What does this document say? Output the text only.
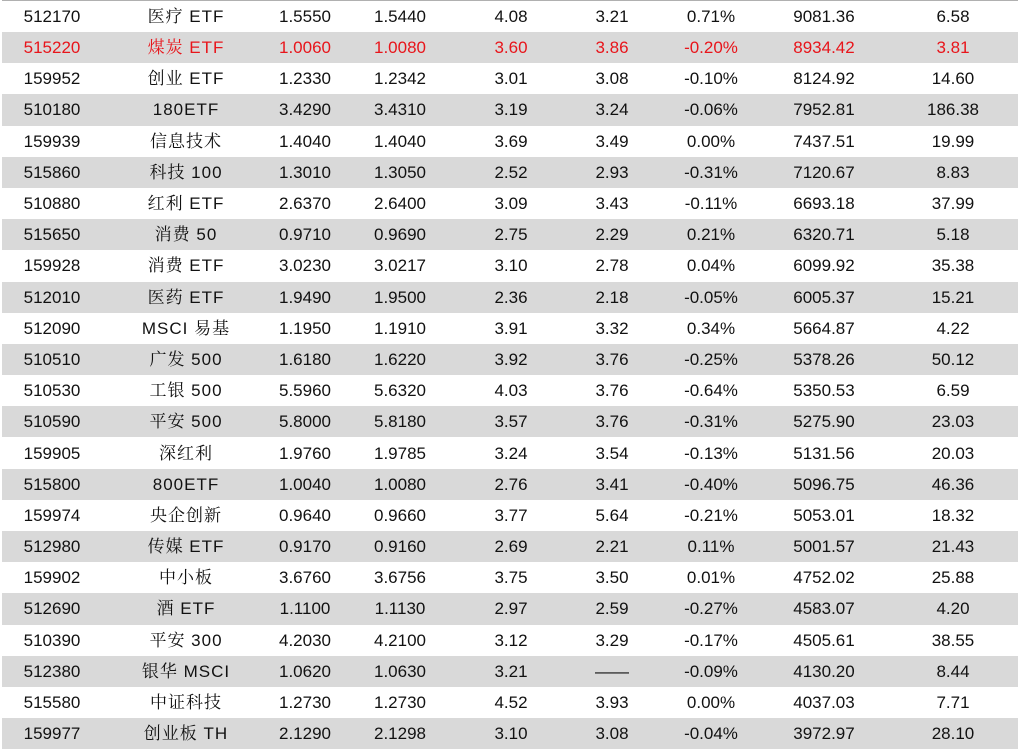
512170	医疗 ETF	1.5550	1.5440	4.08	3.21	0.71%	9081.36	6.58
515220	煤炭 ETF	1.0060	1.0080	3.60	3.86	-0.20%	8934.42	3.81
159952	创业 ETF	1.2330	1.2342	3.01	3.08	-0.10%	8124.92	14.60
510180	180ETF	3.4290	3.4310	3.19	3.24	-0.06%	7952.81	186.38
159939	信息技术	1.4040	1.4040	3.69	3.49	0.00%	7437.51	19.99
515860	科技 100	1.3010	1.3050	2.52	2.93	-0.31%	7120.67	8.83
510880	红利 ETF	2.6370	2.6400	3.09	3.43	-0.11%	6693.18	37.99
515650	消费 50	0.9710	0.9690	2.75	2.29	0.21%	6320.71	5.18
159928	消费 ETF	3.0230	3.0217	3.10	2.78	0.04%	6099.92	35.38
512010	医药 ETF	1.9490	1.9500	2.36	2.18	-0.05%	6005.37	15.21
512090	MSCI 易基	1.1950	1.1910	3.91	3.32	0.34%	5664.87	4.22
510510	广发 500	1.6180	1.6220	3.92	3.76	-0.25%	5378.26	50.12
510530	工银 500	5.5960	5.6320	4.03	3.76	-0.64%	5350.53	6.59
510590	平安 500	5.8000	5.8180	3.57	3.76	-0.31%	5275.90	23.03
159905	深红利	1.9760	1.9785	3.24	3.54	-0.13%	5131.56	20.03
515800	800ETF	1.0040	1.0080	2.76	3.41	-0.40%	5096.75	46.36
159974	央企创新	0.9640	0.9660	3.77	5.64	-0.21%	5053.01	18.32
512980	传媒 ETF	0.9170	0.9160	2.69	2.21	0.11%	5001.57	21.43
159902	中小板	3.6760	3.6756	3.75	3.50	0.01%	4752.02	25.88
512690	酒 ETF	1.1100	1.1130	2.97	2.59	-0.27%	4583.07	4.20
510390	平安 300	4.2030	4.2100	3.12	3.29	-0.17%	4505.61	38.55
512380	银华 MSCI	1.0620	1.0630	3.21	——	-0.09%	4130.20	8.44
515580	中证科技	1.2730	1.2730	4.52	3.93	0.00%	4037.03	7.71
159977	创业板 TH	2.1290	2.1298	3.10	3.08	-0.04%	3972.97	28.10
